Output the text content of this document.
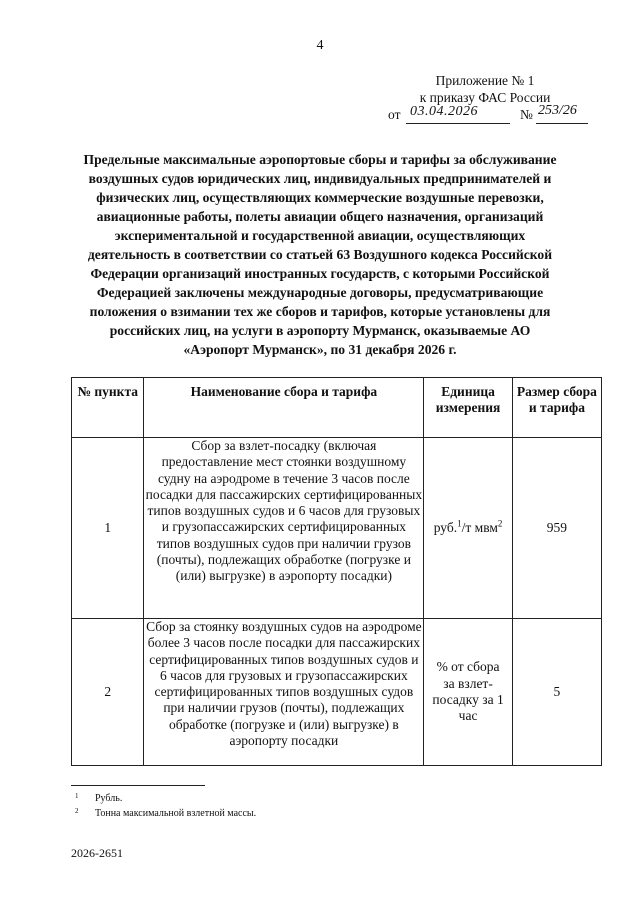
4
Приложение № 1
к приказу ФАС России
от 03.04.2026	№ 253/26
Предельные максимальные аэропортовые сборы и тарифы за обслуживание воздушных судов юридических лиц, индивидуальных предпринимателей и физических лиц, осуществляющих коммерческие воздушные перевозки, авиационные работы, полеты авиации общего назначения, организаций экспериментальной и государственной авиации, осуществляющих деятельность в соответствии со статьей 63 Воздушного кодекса Российской Федерации организаций иностранных государств, с которыми Российской Федерацией заключены международные договоры, предусматривающие положения о взимании тех же сборов и тарифов, которые установлены для российских лиц, на услуги в аэропорту Мурманск, оказываемые АО «Аэропорт Мурманск», по 31 декабря 2026 г.
№ пункта	Наименование сбора и тарифа	Единица измерения	Размер сбора и тарифа
1	Сбор за взлет-посадку (включая предоставление мест стоянки воздушному судну на аэродроме в течение 3 часов после посадки для пассажирских сертифицированных типов воздушных судов и 6 часов для грузовых и грузопассажирских сертифицированных типов воздушных судов при наличии грузов (почты), подлежащих обработке (погрузке и (или) выгрузке) в аэропорту посадки)	руб.$^1$/т мвм$^2$	959
2	Сбор за стоянку воздушных судов на аэродроме более 3 часов после посадки для пассажирских сертифицированных типов воздушных судов и 6 часов для грузовых и грузопассажирских сертифицированных типов воздушных судов при наличии грузов (почты), подлежащих обработке (погрузке и (или) выгрузке) в аэропорту посадки	% от сбора за взлет-посадку за 1 час	5
1 Рубль.
2 Тонна максимальной взлетной массы.
2026-2651
